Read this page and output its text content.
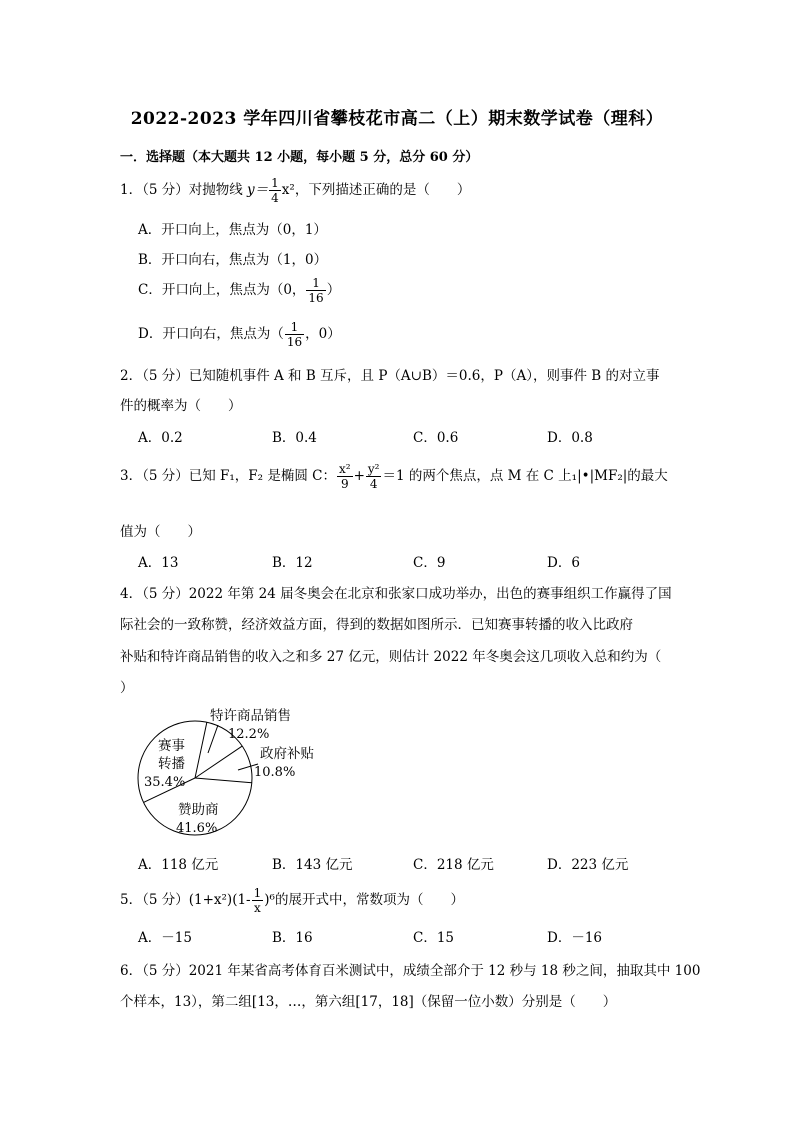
2022-2023 学年四川省攀枝花市高二（上）期末数学试卷（理科）
一．选择题（本大题共 12 小题，每小题 5 分，总分 60 分）
1．（5 分）对抛物线 $y= \frac{1}{4} x^2$，下列描述正确的是（　　）
A．开口向上，焦点为（0，1）
B．开口向右，焦点为（1，0）
C．开口向上，焦点为（0， $\frac{1}{16}$ ）
D．开口向右，焦点为（ $\frac{1}{16}$ ，0）
2．（5 分）已知随机事件 A 和 B 互斥，且 P（A∪B）＝0.6，P（A），则事件 B 的对立事
件的概率为（　　）
A．0.2	B．0.4	C．0.6	D．0.8
3．（5 分）已知 F₁，F₂ 是椭圆 C： $\frac{\text{x²}}{9} + \frac{\text{y²}}{4} =1$ 的两个焦点，点 M 在 C 上₁|•|MF₂|的最大
值为（　　）
A．13	B．12	C．9	D．6
4．（5 分）2022 年第 24 届冬奥会在北京和张家口成功举办，出色的赛事组织工作赢得了国
际社会的一致称赞，经济效益方面，得到的数据如图所示．已知赛事转播的收入比政府
补贴和特许商品销售的收入之和多 27 亿元，则估计 2022 年冬奥会这几项收入总和约为（
）
特许商品销售
12.2%
政府补贴
10.8%
赞助商
41.6%
赛事
转播
35.4%
A．118 亿元	B．143 亿元	C．218 亿元	D．223 亿元
5．（5 分）$(1+x^2)(1- \frac{1}{x} )^6$的展开式中，常数项为（　　）
A．－15	B．16	C．15	D．－16
6．（5 分）2021 年某省高考体育百米测试中，成绩全部介于 12 秒与 18 秒之间，抽取其中 100
个样本，13），第二组[13，…，第六组[17，18]（保留一位小数）分别是（　　）
